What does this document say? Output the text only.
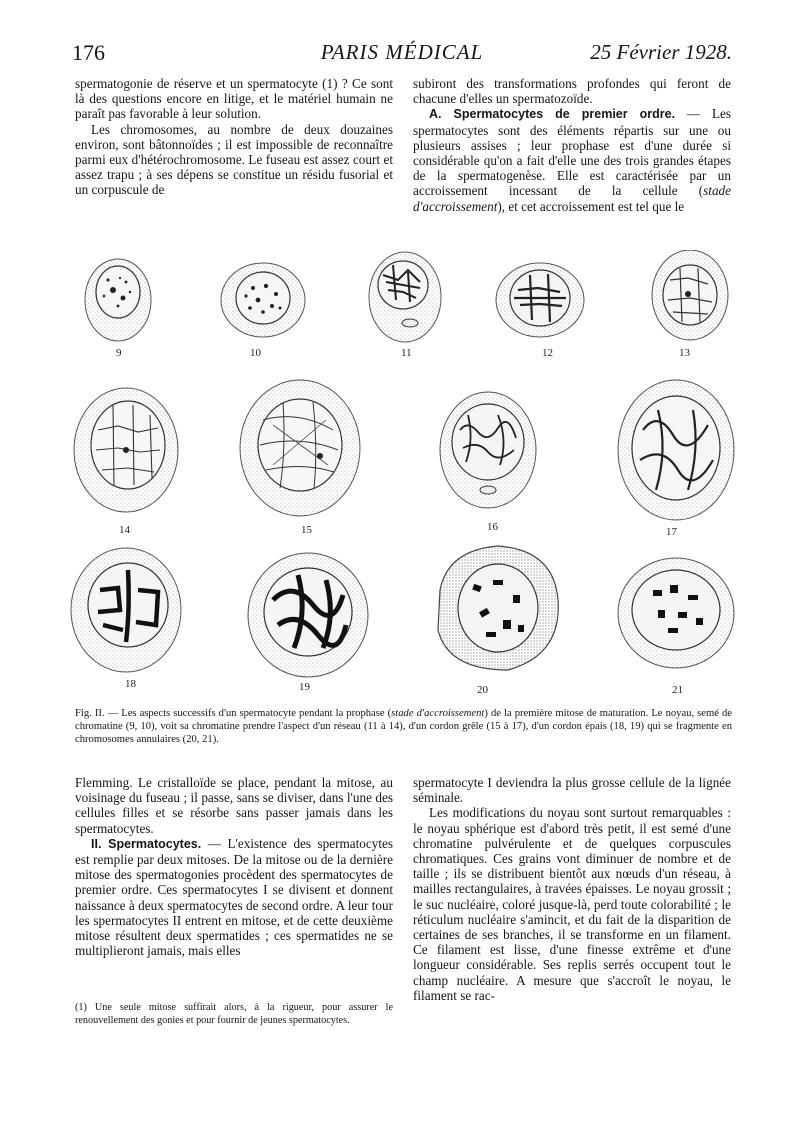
176	PARIS MÉDICAL	25 Février 1928.

spermatogonie de réserve et un spermatocyte (1) ? Ce sont là des questions encore en litige, et le matériel humain ne paraît pas favorable à leur solution.

Les chromosomes, au nombre de deux douzaines environ, sont bâtonnoïdes ; il est impossible de reconnaître parmi eux d'hétérochromosome. Le fuseau est assez court et assez trapu ; à ses dépens se constitue un résidu fusorial et un corpuscule de

subiront des transformations profondes qui feront de chacune d'elles un spermatozoïde.

A. Spermatocytes de premier ordre. — Les spermatocytes sont des éléments répartis sur une ou plusieurs assises ; leur prophase est d'une durée si considérable qu'on a fait d'elle une des trois grandes étapes de la spermatogenèse. Elle est caractérisée par un accroissement incessant de la cellule (stade d'accroissement), et cet accroissement est tel que le

9	10	11	12	13
14	15	16	17
18	19	20	21
Fig. II. — Les aspects successifs d'un spermatocyte pendant la prophase (stade d'accroissement) de la première mitose de maturation. Le noyau, semé de chromatine (9, 10), voit sa chromatine prendre l'aspect d'un réseau (11 à 14), d'un cordon grêle (15 à 17), d'un cordon épais (18, 19) qui se fragmente en chromosomes annulaires (20, 21).

Flemming. Le cristalloïde se place, pendant la mitose, au voisinage du fuseau ; il passe, sans se diviser, dans l'une des cellules filles et se résorbe sans passer jamais dans les spermatocytes.

II. Spermatocytes. — L'existence des spermatocytes est remplie par deux mitoses. De la mitose ou de la dernière mitose des spermatogonies procèdent des spermatocytes de premier ordre. Ces spermatocytes I se divisent et donnent naissance à deux spermatocytes de second ordre. A leur tour les spermatocytes II entrent en mitose, et de cette deuxième mitose résultent deux spermatides ; ces spermatides ne se multiplieront jamais, mais elles

(1) Une seule mitose suffirait alors, à la rigueur, pour assurer le renouvellement des gonies et pour fournir de jeunes spermatocytes.

spermatocyte I deviendra la plus grosse cellule de la lignée séminale.

Les modifications du noyau sont surtout remarquables : le noyau sphérique est d'abord très petit, il est semé d'une chromatine pulvérulente et de quelques corpuscules chromatiques. Ces grains vont diminuer de nombre et de taille ; ils se distribuent bientôt aux nœuds d'un réseau, à mailles rectangulaires, à travées épaisses. Le noyau grossit ; le suc nucléaire, coloré jusque-là, perd toute colorabilité ; le réticulum nucléaire s'amincit, et du fait de la disparition de certaines de ses branches, il se transforme en un filament. Ce filament est lisse, d'une finesse extrême et d'une longueur considérable. Ses replis serrés occupent tout le champ nucléaire. A mesure que s'accroît le noyau, le filament se rac-
